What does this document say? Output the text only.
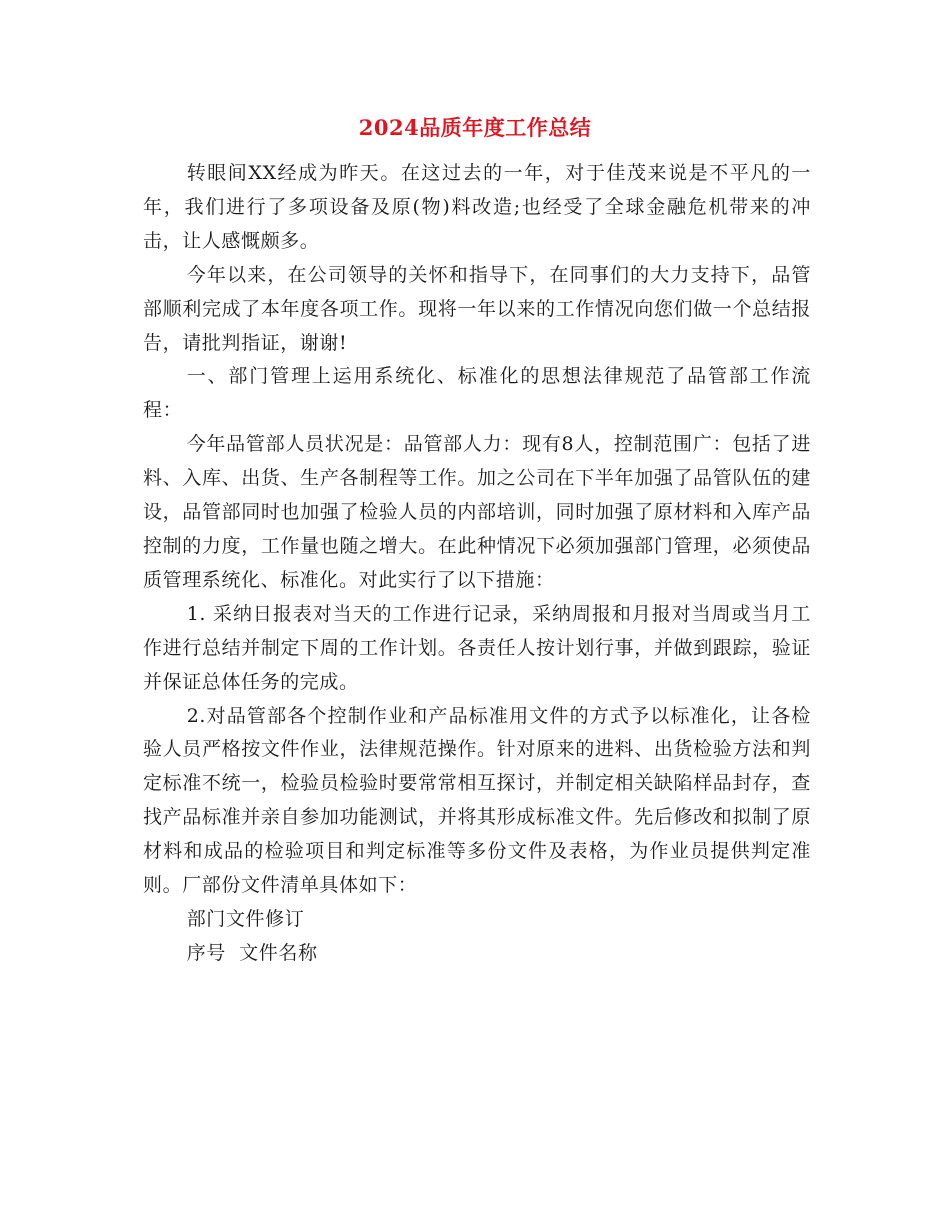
2024品质年度工作总结

转眼间XX经成为昨天。在这过去的一年，对于佳茂来说是不平凡的一年，我们进行了多项设备及原(物)料改造;也经受了全球金融危机带来的冲击，让人感慨颇多。

今年以来，在公司领导的关怀和指导下，在同事们的大力支持下，品管部顺利完成了本年度各项工作。现将一年以来的工作情况向您们做一个总结报告，请批判指证，谢谢!

一、部门管理上运用系统化、标准化的思想法律规范了品管部工作流程：

今年品管部人员状况是：品管部人力：现有8人，控制范围广：包括了进料、入库、出货、生产各制程等工作。加之公司在下半年加强了品管队伍的建设，品管部同时也加强了检验人员的内部培训，同时加强了原材料和入库产品控制的力度，工作量也随之增大。在此种情况下必须加强部门管理，必须使品质管理系统化、标准化。对此实行了以下措施：

1. 采纳日报表对当天的工作进行记录，采纳周报和月报对当周或当月工作进行总结并制定下周的工作计划。各责任人按计划行事，并做到跟踪，验证并保证总体任务的完成。

2.对品管部各个控制作业和产品标准用文件的方式予以标准化，让各检验人员严格按文件作业，法律规范操作。针对原来的进料、出货检验方法和判定标准不统一，检验员检验时要常常相互探讨，并制定相关缺陷样品封存，查找产品标准并亲自参加功能测试，并将其形成标准文件。先后修改和拟制了原材料和成品的检验项目和判定标准等多份文件及表格，为作业员提供判定准则。厂部份文件清单具体如下：

部门文件修订

序号  文件名称
